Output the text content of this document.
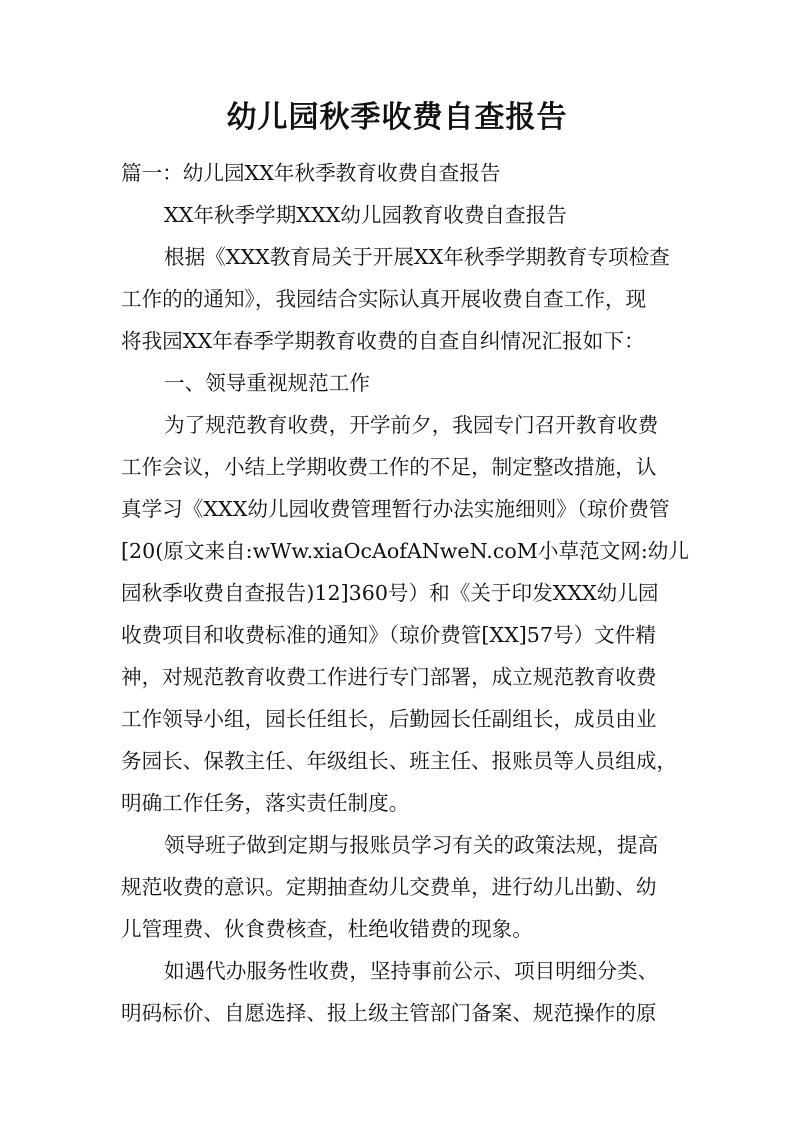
幼儿园秋季收费自查报告
篇一：幼儿园XX年秋季教育收费自查报告
XX年秋季学期XXX幼儿园教育收费自查报告
根据《XXX教育局关于开展XX年秋季学期教育专项检查
工作的的通知》，我园结合实际认真开展收费自查工作，现
将我园XX年春季学期教育收费的自查自纠情况汇报如下：
一、领导重视规范工作
为了规范教育收费，开学前夕，我园专门召开教育收费
工作会议，小结上学期收费工作的不足，制定整改措施，认
真学习《XXX幼儿园收费管理暂行办法实施细则》（琼价费管
[20(原文来自:wWw.xiaOcAofANweN.coM小草范文网:幼儿
园秋季收费自查报告)12]360号）和《关于印发XXX幼儿园
收费项目和收费标准的通知》（琼价费管[XX]57号）文件精
神，对规范教育收费工作进行专门部署，成立规范教育收费
工作领导小组，园长任组长，后勤园长任副组长，成员由业
务园长、保教主任、年级组长、班主任、报账员等人员组成，
明确工作任务，落实责任制度。
领导班子做到定期与报账员学习有关的政策法规，提高
规范收费的意识。定期抽查幼儿交费单，进行幼儿出勤、幼
儿管理费、伙食费核查，杜绝收错费的现象。
如遇代办服务性收费，坚持事前公示、项目明细分类、
明码标价、自愿选择、报上级主管部门备案、规范操作的原
